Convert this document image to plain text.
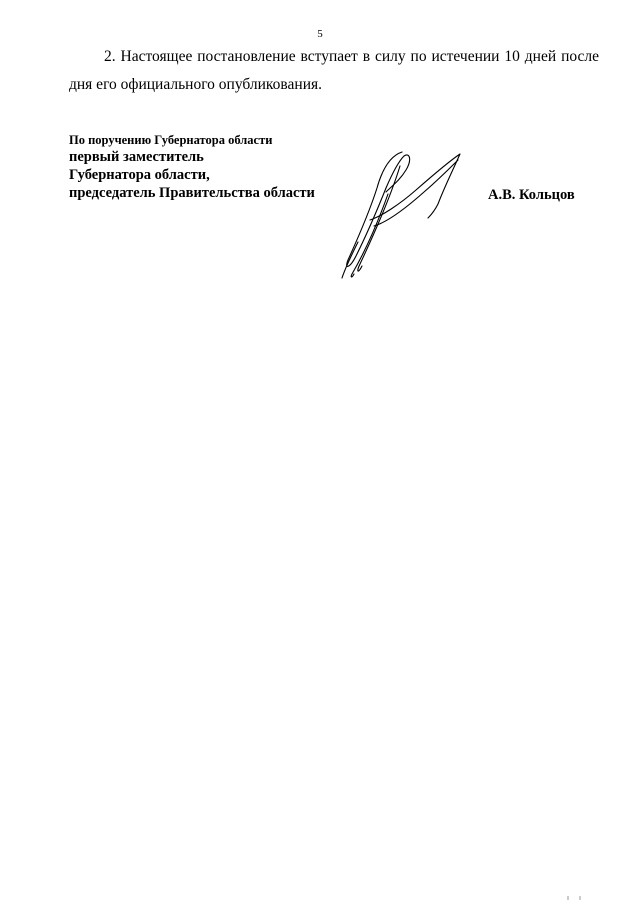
5

2. Настоящее постановление вступает в силу по истечении 10 дней после дня его официального опубликования.

По поручению Губернатора области
первый заместитель
Губернатора области,
председатель Правительства области	А.В. Кольцов
